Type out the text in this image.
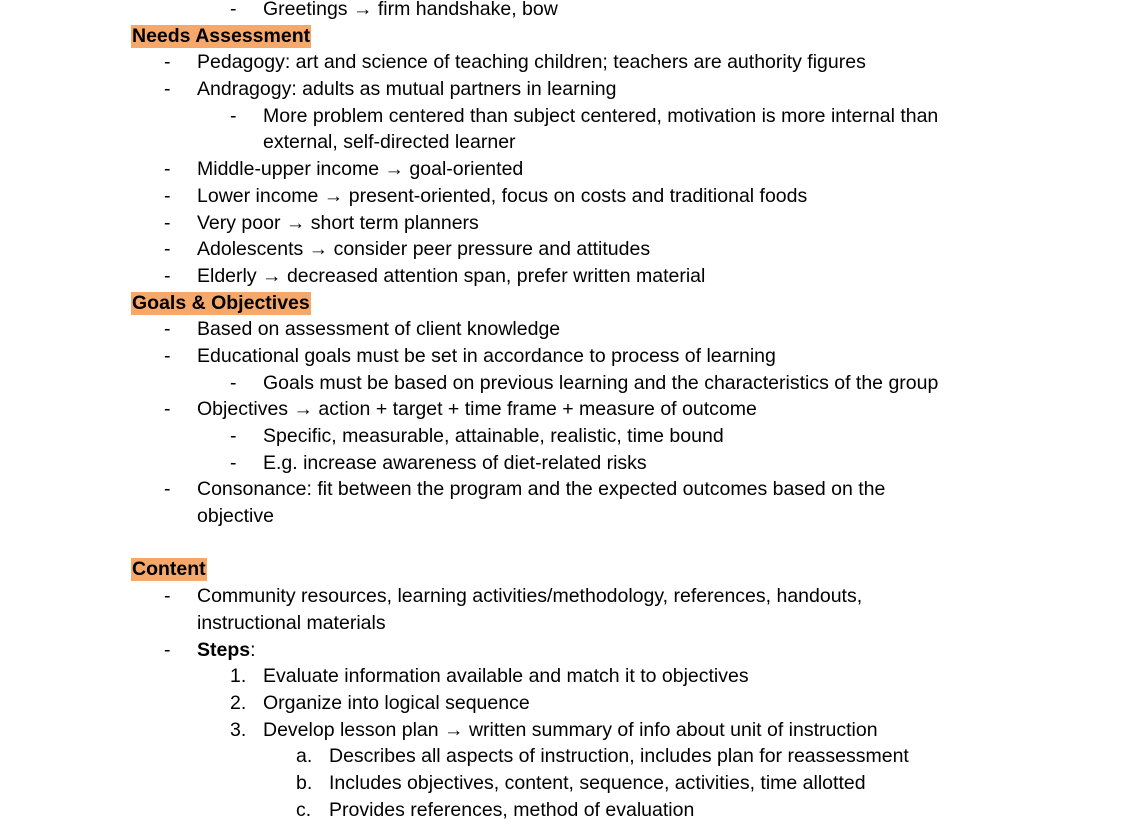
- Greetings → firm handshake, bow
Needs Assessment
- Pedagogy: art and science of teaching children; teachers are authority figures
- Andragogy: adults as mutual partners in learning
- More problem centered than subject centered, motivation is more internal than
external, self-directed learner
- Middle-upper income → goal-oriented
- Lower income → present-oriented, focus on costs and traditional foods
- Very poor → short term planners
- Adolescents → consider peer pressure and attitudes
- Elderly → decreased attention span, prefer written material
Goals & Objectives
- Based on assessment of client knowledge
- Educational goals must be set in accordance to process of learning
- Goals must be based on previous learning and the characteristics of the group
- Objectives → action + target + time frame + measure of outcome
- Specific, measurable, attainable, realistic, time bound
- E.g. increase awareness of diet-related risks
- Consonance: fit between the program and the expected outcomes based on the
objective
Content
- Community resources, learning activities/methodology, references, handouts,
instructional materials
- Steps:
1. Evaluate information available and match it to objectives
2. Organize into logical sequence
3. Develop lesson plan → written summary of info about unit of instruction
a. Describes all aspects of instruction, includes plan for reassessment
b. Includes objectives, content, sequence, activities, time allotted
c. Provides references, method of evaluation
